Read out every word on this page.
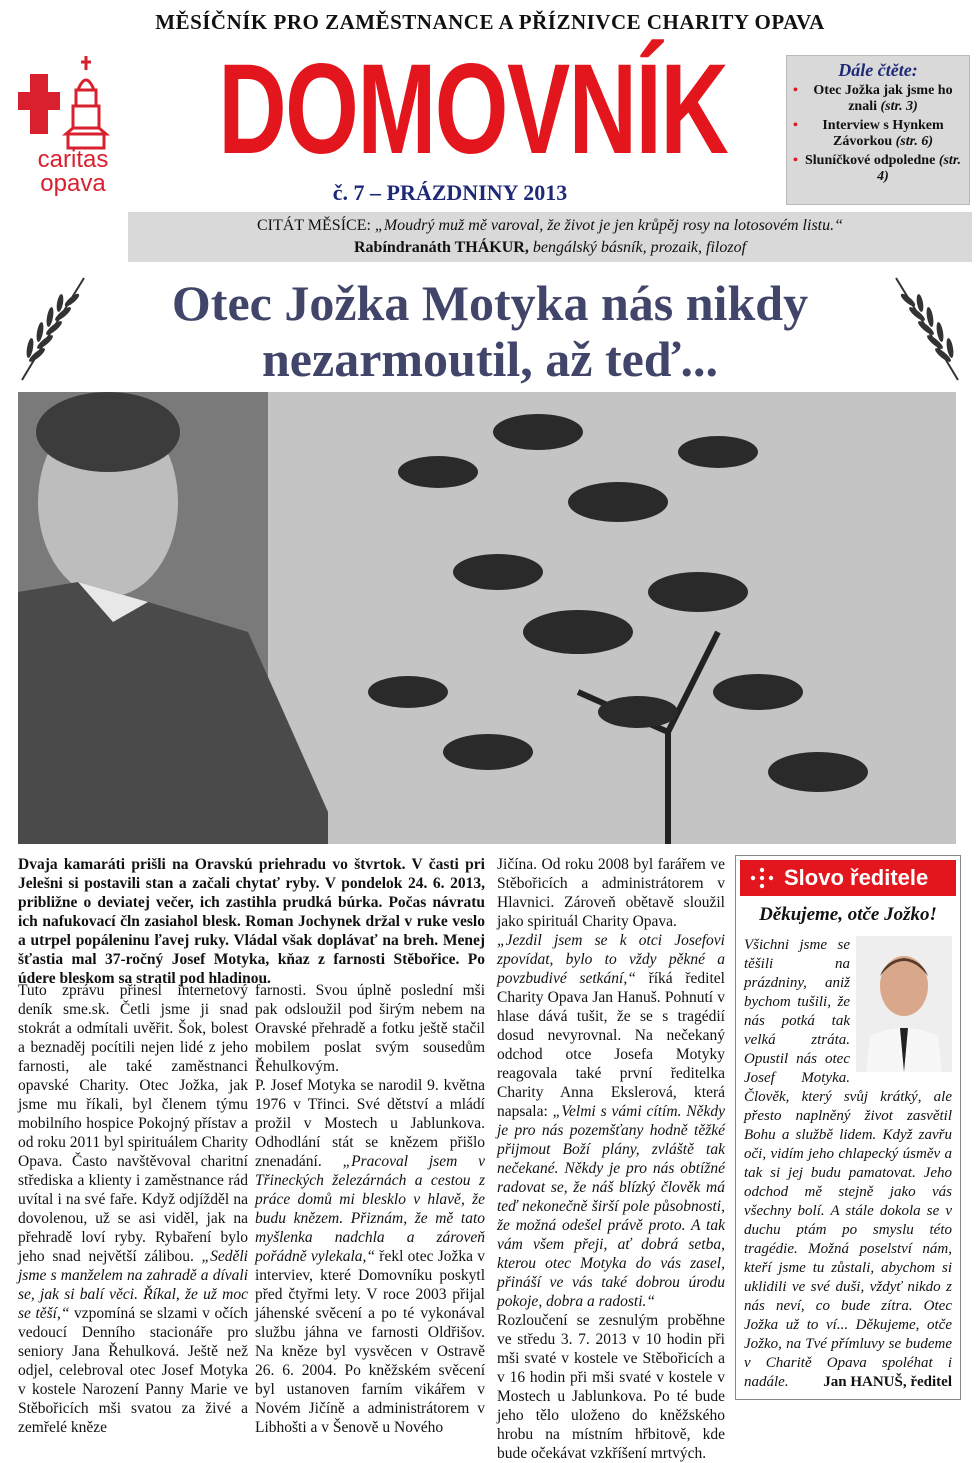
MĚSÍČNÍK PRO ZAMĚSTNANCE A PŘÍZNIVCE CHARITY OPAVA
caritas
opava
DOMOVNÍK
č. 7 – PRÁZDNINY 2013
Dále čtěte:
• Otec Jožka jak jsme ho znali (str. 3)
• Interview s Hynkem Závorkou (str. 6)
• Sluníčkové odpoledne (str. 4)
CITÁT MĚSÍCE: „Moudrý muž mě varoval, že život je jen krůpěj rosy na lotosovém listu.“
Rabíndranáth THÁKUR, bengálský básník, prozaik, filozof
Otec Jožka Motyka nás nikdy
nezarmoutil, až teď...
Dvaja kamaráti prišli na Oravskú priehradu vo štvrtok. V časti pri Jelešni si postavili stan a začali chytať ryby. V pondelok 24. 6. 2013, približne o deviatej večer, ich zastihla prudká búrka. Počas návratu ich nafukovací čln zasiahol blesk. Roman Jochynek držal v ruke veslo a utrpel popáleninu ľavej ruky. Vládal však doplávať na breh. Menej šťastia mal 37-ročný Josef Motyka, kňaz z farnosti Stěbořice. Po údere bleskom sa stratil pod hladinou.

Tuto zprávu přinesl internetový deník sme.sk. Četli jsme ji snad stokrát a odmítali uvěřit. Šok, bolest a beznaděj pocítili nejen lidé z jeho farnosti, ale také zaměstnanci opavské Charity. Otec Jožka, jak jsme mu říkali, byl členem týmu mobilního hospice Pokojný přístav a od roku 2011 byl spirituálem Charity Opava. Často navštěvoval charitní střediska a klienty i zaměstnance rád uvítal i na své faře. Když odjížděl na dovolenou, už se asi viděl, jak na přehradě loví ryby. Rybaření bylo jeho snad největší zálibou. „Seděli jsme s manželem na zahradě a dívali se, jak si balí věci. Říkal, že už moc se těší,“ vzpomíná se slzami v očích vedoucí Denního stacionáře pro seniory Jana Řehulková. Ještě než odjel, celebroval otec Josef Motyka v kostele Narození Panny Marie ve Stěbořicích mši svatou za živé a zemřelé kněze

farnosti. Svou úplně poslední mši pak odsloužil pod širým nebem na Oravské přehradě a fotku ještě stačil mobilem poslat svým sousedům Řehulkovým.

P. Josef Motyka se narodil 9. května 1976 v Třinci. Své dětství a mládí prožil v Mostech u Jablunkova. Odhodlání stát se knězem přišlo znenadání. „Pracoval jsem v Třineckých železárnách a cestou z práce domů mi blesklo v hlavě, že budu knězem. Přiznám, že mě tato myšlenka nadchla a zároveň pořádně vylekala,“ řekl otec Jožka v interviev, které Domovníku poskytl před čtyřmi lety. V roce 2003 přijal jáhenské svěcení a po té vykonával službu jáhna ve farnosti Oldřišov. Na kněze byl vysvěcen v Ostravě 26. 6. 2004. Po kněžském svěcení byl ustanoven farním vikářem v Novém Jičíně a administrátorem v Libhošti a v Šenově u Nového

Jičína. Od roku 2008 byl farářem ve Stěbořicích a administrátorem v Hlavnici. Zároveň obětavě sloužil jako spirituál Charity Opava.

„Jezdil jsem se k otci Josefovi zpovídat, bylo to vždy pěkné a povzbudivé setkání,“ říká ředitel Charity Opava Jan Hanuš. Pohnutí v hlase dává tušit, že se s tragédií dosud nevyrovnal. Na nečekaný odchod otce Josefa Motyky reagovala také první ředitelka Charity Anna Ekslerová, která napsala: „Velmi s vámi cítím. Někdy je pro nás pozemšťany hodně těžké přijmout Boží plány, zvláště tak nečekané. Někdy je pro nás obtížné radovat se, že náš blízký člověk má teď nekonečně širší pole působnosti, že možná odešel právě proto. A tak vám všem přeji, ať dobrá setba, kterou otec Motyka do vás zasel, přináší ve vás také dobrou úrodu pokoje, dobra a radosti.“

Rozloučení se zesnulým proběhne ve středu 3. 7. 2013 v 10 hodin při mši svaté v kostele ve Stěbořicích a v 16 hodin při mši svaté v kostele v Mostech u Jablunkova. Po té bude jeho tělo uloženo do kněžského hrobu na místním hřbitově, kde bude očekávat vzkříšení mrtvých.

Slovo ředitele
Děkujeme, otče Jožko!
Všichni jsme se těšili na prázdniny, aniž bychom tušili, že nás potká tak velká ztráta. Opustil nás otec Josef Motyka. Člověk, který svůj krátký, ale přesto naplněný život zasvětil Bohu a službě lidem. Když zavřu oči, vidím jeho chlapecký úsměv a tak si jej budu pamatovat. Jeho odchod mě stejně jako vás všechny bolí. A stále dokola se v duchu ptám po smyslu této tragédie. Možná poselství nám, kteří jsme tu zůstali, abychom si uklidili ve své duši, vždyť nikdo z nás neví, co bude zítra. Otec Jožka už to ví... Děkujeme, otče Jožko, na Tvé přímluvy se budeme v Charitě Opava spoléhat i nadále.	Jan HANUŠ, ředitel
